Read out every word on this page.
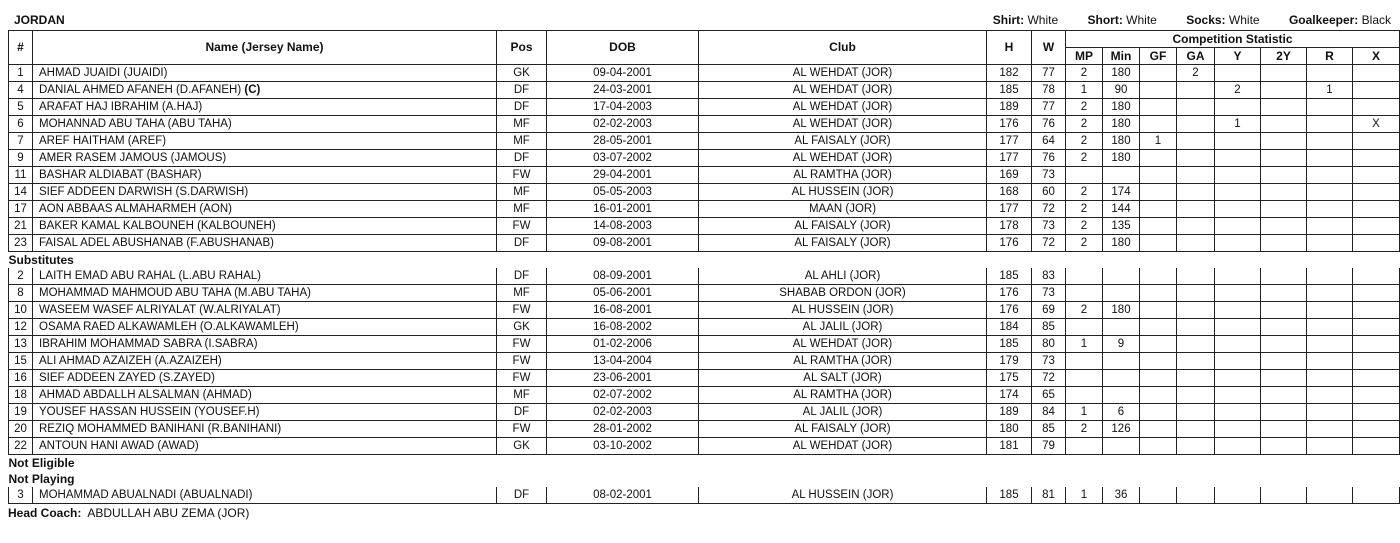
JORDAN	Shirt: White Short: White Socks: White Goalkeeper: Black
#	Name (Jersey Name)	Pos	DOB	Club	H	W	Competition Statistic							
							MP	Min	GF	GA	Y	2Y	R	X
1	AHMAD JUAIDI (JUAIDI)	GK	09-04-2001	AL WEHDAT (JOR)	182	77	2	180		2				
4	DANIAL AHMED AFANEH (D.AFANEH) (C)	DF	24-03-2001	AL WEHDAT (JOR)	185	78	1	90			2		1	
5	ARAFAT HAJ IBRAHIM (A.HAJ)	DF	17-04-2003	AL WEHDAT (JOR)	189	77	2	180						
6	MOHANNAD ABU TAHA (ABU TAHA)	MF	02-02-2003	AL WEHDAT (JOR)	176	76	2	180			1			X
7	AREF HAITHAM (AREF)	MF	28-05-2001	AL FAISALY (JOR)	177	64	2	180	1					
9	AMER RASEM JAMOUS (JAMOUS)	DF	03-07-2002	AL WEHDAT (JOR)	177	76	2	180						
11	BASHAR ALDIABAT (BASHAR)	FW	29-04-2001	AL RAMTHA (JOR)	169	73								
14	SIEF ADDEEN DARWISH (S.DARWISH)	MF	05-05-2003	AL HUSSEIN (JOR)	168	60	2	174						
17	AON ABBAAS ALMAHARMEH (AON)	MF	16-01-2001	MAAN (JOR)	177	72	2	144						
21	BAKER KAMAL KALBOUNEH (KALBOUNEH)	FW	14-08-2003	AL FAISALY (JOR)	178	73	2	135						
23	FAISAL ADEL ABUSHANAB (F.ABUSHANAB)	DF	09-08-2001	AL FAISALY (JOR)	176	72	2	180						
Substitutes														
2	LAITH EMAD ABU RAHAL (L.ABU RAHAL)	DF	08-09-2001	AL AHLI (JOR)	185	83								
8	MOHAMMAD MAHMOUD ABU TAHA (M.ABU TAHA)	MF	05-06-2001	SHABAB ORDON (JOR)	176	73								
10	WASEEM WASEF ALRIYALAT (W.ALRIYALAT)	FW	16-08-2001	AL HUSSEIN (JOR)	176	69	2	180						
12	OSAMA RAED ALKAWAMLEH (O.ALKAWAMLEH)	GK	16-08-2002	AL JALIL (JOR)	184	85								
13	IBRAHIM MOHAMMAD SABRA (I.SABRA)	FW	01-02-2006	AL WEHDAT (JOR)	185	80	1	9						
15	ALI AHMAD AZAIZEH (A.AZAIZEH)	FW	13-04-2004	AL RAMTHA (JOR)	179	73								
16	SIEF ADDEEN ZAYED (S.ZAYED)	FW	23-06-2001	AL SALT (JOR)	175	72								
18	AHMAD ABDALLH ALSALMAN (AHMAD)	MF	02-07-2002	AL RAMTHA (JOR)	174	65								
19	YOUSEF HASSAN HUSSEIN (YOUSEF.H)	DF	02-02-2003	AL JALIL (JOR)	189	84	1	6						
20	REZIQ MOHAMMED BANIHANI (R.BANIHANI)	FW	28-01-2002	AL FAISALY (JOR)	180	85	2	126						
22	ANTOUN HANI AWAD (AWAD)	GK	03-10-2002	AL WEHDAT (JOR)	181	79								
Not Eligible														
Not Playing														
3	MOHAMMAD ABUALNADI (ABUALNADI)	DF	08-02-2001	AL HUSSEIN (JOR)	185	81	1	36						
Head Coach: ABDULLAH ABU ZEMA (JOR)
